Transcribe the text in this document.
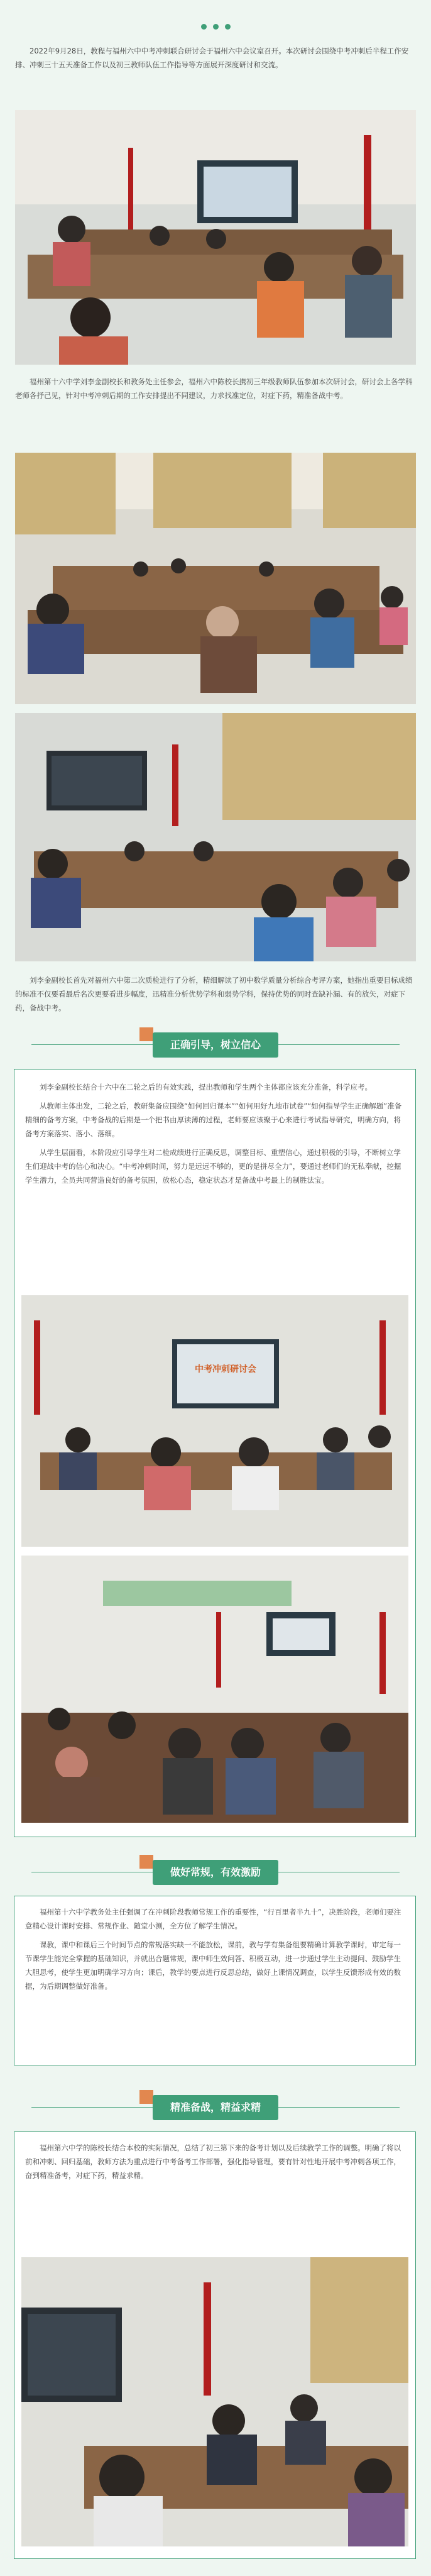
2022年9月28日，教程与福州六中中考冲刺联合研讨会于福州六中会议室召开。本次研讨会围绕中考冲刺后半程工作安排、冲刺三十五天准备工作以及初三教师队伍工作指导等方面展开深度研讨和交流。

福州第十六中学刘李金副校长和教务处主任参会，福州六中陈校长携初三年级教师队伍参加本次研讨会，研讨会上各学科老师各抒己见，针对中考冲刺后期的工作安排提出不同建议，力求找准定位，对症下药，精准备战中考。

刘李金副校长首先对福州六中第二次质检进行了分析，精细解读了初中数学质量分析综合考评方案，她指出重要目标成绩的标准不仅要看最后名次更要看进步幅度，迅精准分析优势学科和弱势学科，保持优势的同时查缺补漏、有的放矢，对症下药，备战中考。

正确引导，树立信心

刘李金副校长结合十六中在二轮之后的有效实践，提出教师和学生两个主体都应该充分准备，科学应考。

从教师主体出发，二轮之后，教研集备应围绕“如何回归课本”“如何用好九地市试卷”“如何指导学生正确解题”准备精细的备考方案，中考备战的后期是一个把书由厚读薄的过程，老师要应该聚于心来进行考试指导研究，明确方向，将备考方案落实、落小、落细。

从学生层面看，本阶段应引导学生对二检成绩进行正确反思，调整目标、重塑信心，通过积极的引导，不断树立学生们迎战中考的信心和决心。“中考冲刺时间，努力是远远不够的，更的是拼尽全力”，要通过老师们的无私奉献，挖掘学生潜力，全员共同营造良好的备考氛围，放松心态，稳定状态才是备战中考最上的制胜法宝。

中考冲刺研讨会
做好常规，有效激励

福州第十六中学教务处主任强调了在冲刺阶段教师常规工作的重要性，“行百里者半九十”，决胜阶段，老师们要注意精心设计课时安排、常规作业、随堂小测，全方位了解学生情况。

课教，课中和课后三个时间节点的常规落实缺一不能放松，课前，教与学有集备组要精确计算教学课时，审定每一节课学生能完全掌握的基础知识，并就出合题常规，课中师生效问答、积极互动，进一步通过学生主动提问、鼓励学生大胆思考，使学生更加明确学习方向；课后，教学的要点进行反思总结，做好上课情况调查，以学生反馈形成有效的数据，为后期调整做好准备。

精准备战，精益求精

福州第六中学的陈校长结合本校的实际情况，总结了初三第下来的备考计划以及后续教学工作的调整。明确了将以前和冲刺、回归基础，教师方法为重点进行中考备考工作部署，强化指导管理，要有针对性地开展中考冲刺各项工作，奋到精准备考，对症下药，精益求精。
